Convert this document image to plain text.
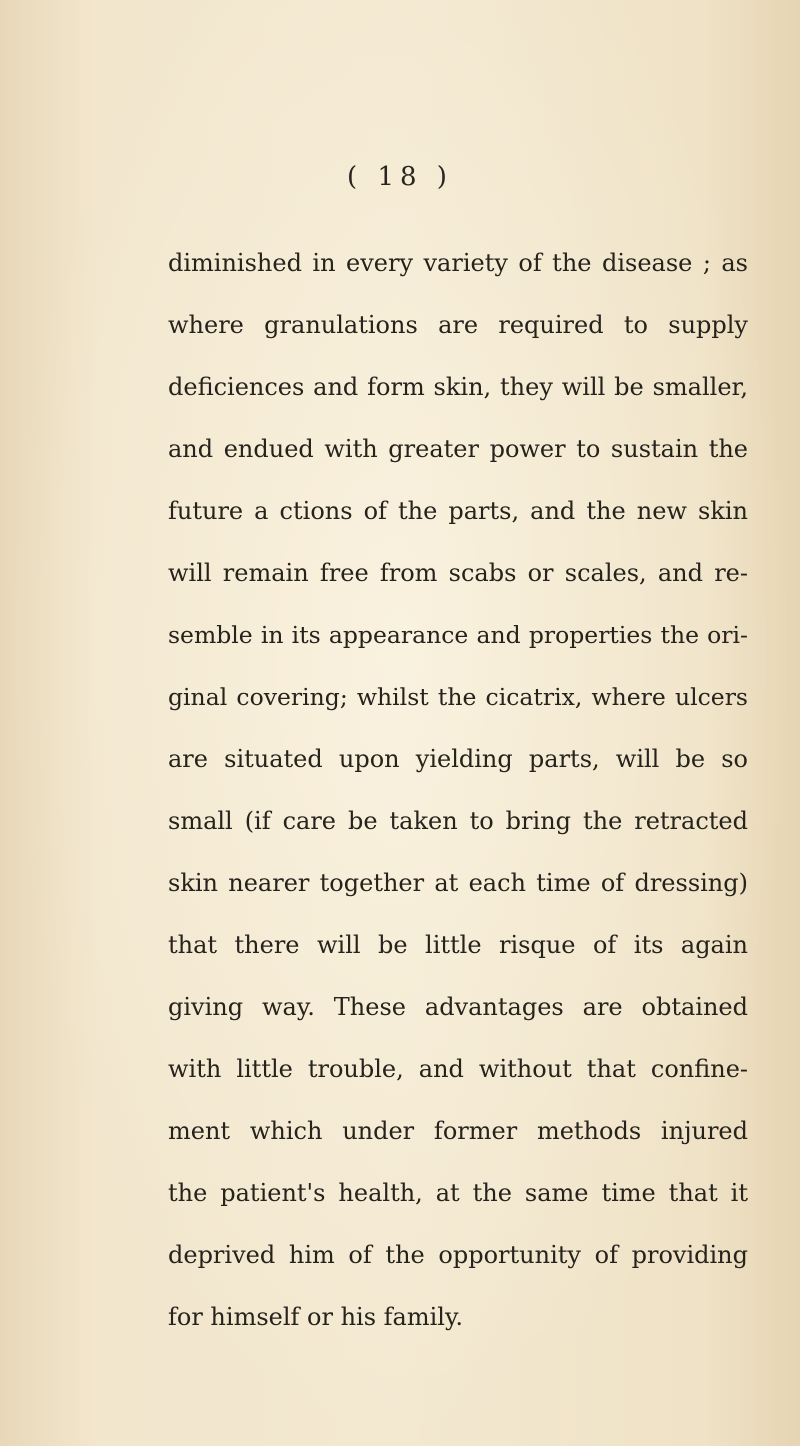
( 18 )
diminished in every variety of the disease ; as
where granulations are required to supply
deficiences and form skin, they will be smaller,
and endued with greater power to sustain the
future a ctions of the parts, and the new skin
will remain free from scabs or scales, and re-
semble in its appearance and properties the ori-
ginal covering; whilst the cicatrix, where ulcers
are situated upon yielding parts, will be so
small (if care be taken to bring the retracted
skin nearer together at each time of dressing)
that there will be little risque of its again
giving way. These advantages are obtained
with little trouble, and without that confine-
ment which under former methods injured
the patient's health, at the same time that it
deprived him of the opportunity of providing
for himself or his family.
